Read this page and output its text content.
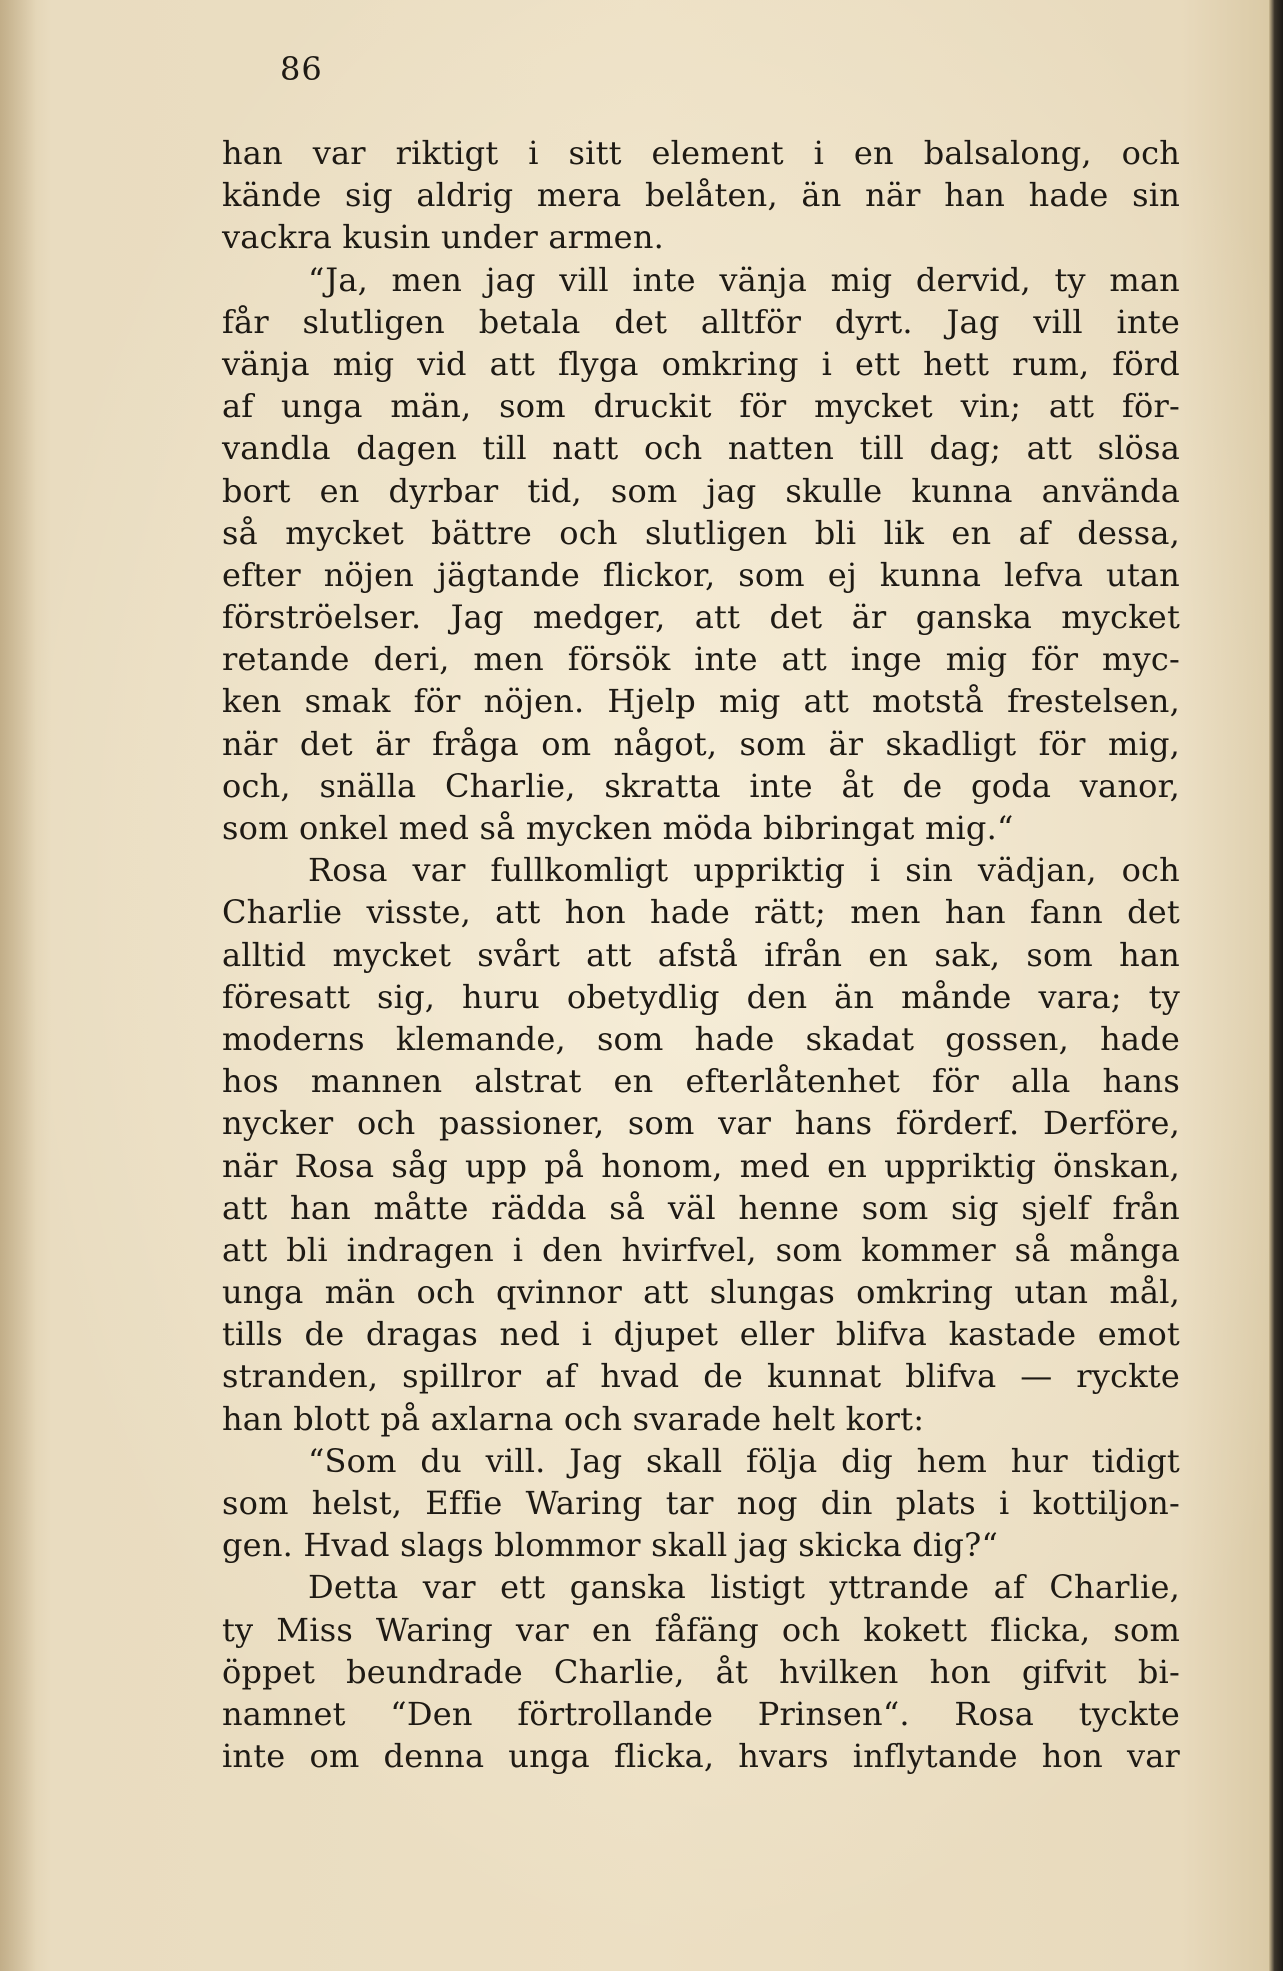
86
han var riktigt i sitt element i en balsalong, och
kände sig aldrig mera belåten, än när han hade sin
vackra kusin under armen.
“Ja, men jag vill inte vänja mig dervid, ty man
får slutligen betala det alltför dyrt. Jag vill inte
vänja mig vid att flyga omkring i ett hett rum, förd
af unga män, som druckit för mycket vin; att för-
vandla dagen till natt och natten till dag; att slösa
bort en dyrbar tid, som jag skulle kunna använda
så mycket bättre och slutligen bli lik en af dessa,
efter nöjen jägtande flickor, som ej kunna lefva utan
förströelser. Jag medger, att det är ganska mycket
retande deri, men försök inte att inge mig för myc-
ken smak för nöjen. Hjelp mig att motstå frestelsen,
när det är fråga om något, som är skadligt för mig,
och, snälla Charlie, skratta inte åt de goda vanor,
som onkel med så mycken möda bibringat mig.“
Rosa var fullkomligt uppriktig i sin vädjan, och
Charlie visste, att hon hade rätt; men han fann det
alltid mycket svårt att afstå ifrån en sak, som han
föresatt sig, huru obetydlig den än månde vara; ty
moderns klemande, som hade skadat gossen, hade
hos mannen alstrat en efterlåtenhet för alla hans
nycker och passioner, som var hans förderf. Derföre,
när Rosa såg upp på honom, med en uppriktig önskan,
att han måtte rädda så väl henne som sig sjelf från
att bli indragen i den hvirfvel, som kommer så många
unga män och qvinnor att slungas omkring utan mål,
tills de dragas ned i djupet eller blifva kastade emot
stranden, spillror af hvad de kunnat blifva — ryckte
han blott på axlarna och svarade helt kort:
“Som du vill. Jag skall följa dig hem hur tidigt
som helst, Effie Waring tar nog din plats i kottiljon-
gen. Hvad slags blommor skall jag skicka dig?“
Detta var ett ganska listigt yttrande af Charlie,
ty Miss Waring var en fåfäng och kokett flicka, som
öppet beundrade Charlie, åt hvilken hon gifvit bi-
namnet “Den förtrollande Prinsen“. Rosa tyckte
inte om denna unga flicka, hvars inflytande hon var
